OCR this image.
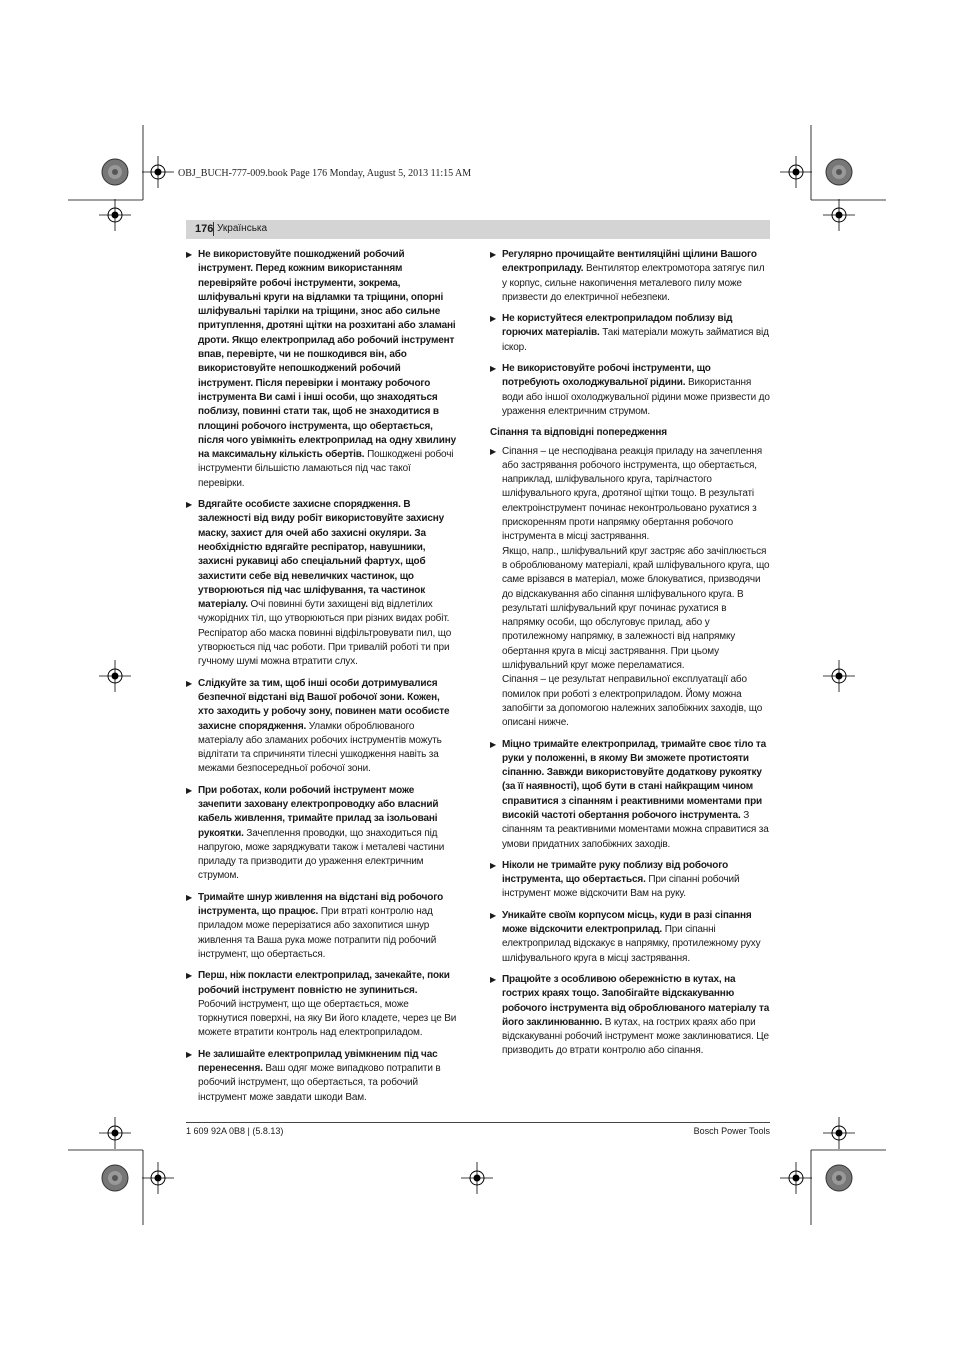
OBJ_BUCH-777-009.book Page 176 Monday, August 5, 2013 11:15 AM
176 Українська
▶ Не використовуйте пошкоджений робочий інструмент. Перед кожним використанням перевіряйте робочі інструменти, зокрема, шліфувальні круги на відламки та тріщини, опорні шліфувальні тарілки на тріщини, знос або сильне притуплення, дротяні щітки на розхитані або зламані дроти. Якщо електроприлад або робочий інструмент впав, перевірте, чи не пошкодився він, або використовуйте непошкоджений робочий інструмент. Після перевірки і монтажу робочого інструмента Ви самі і інші особи, що знаходяться поблизу, повинні стати так, щоб не знаходитися в площині робочого інструмента, що обертається, після чого увімкніть електроприлад на одну хвилину на максимальну кількість обертів. Пошкоджені робочі інструменти більшістю ламаються під час такої перевірки.
▶ Вдягайте особисте захисне спорядження. В залежності від виду робіт використовуйте захисну маску, захист для очей або захисні окуляри. За необхідністю вдягайте респіратор, навушники, захисні рукавиці або спеціальний фартух, щоб захистити себе від невеличких частинок, що утворюються під час шліфування, та частинок матеріалу. Очі повинні бути захищені від відлетілих чужорідних тіл, що утворюються при різних видах робіт. Респіратор або маска повинні відфільтровувати пил, що утворюється під час роботи. При тривалій роботі ти при гучному шумі можна втратити слух.
▶ Слідкуйте за тим, щоб інші особи дотримувалися безпечної відстані від Вашої робочої зони. Кожен, хто заходить у робочу зону, повинен мати особисте захисне спорядження. Уламки оброблюваного матеріалу або зламаних робочих інструментів можуть відлітати та спричиняти тілесні ушкодження навіть за межами безпосередньої робочої зони.
▶ При роботах, коли робочий інструмент може зачепити заховану електропроводку або власний кабель живлення, тримайте прилад за ізольовані рукоятки. Зачеплення проводки, що знаходиться під напругою, може заряджувати також і металеві частини приладу та призводити до ураження електричним струмом.
▶ Тримайте шнур живлення на відстані від робочого інструмента, що працює. При втраті контролю над приладом може перерізатися або захопитися шнур живлення та Ваша рука може потрапити під робочий інструмент, що обертається.
▶ Перш, ніж покласти електроприлад, зачекайте, поки робочий інструмент повністю не зупиниться. Робочий інструмент, що ще обертається, може торкнутися поверхні, на яку Ви його кладете, через це Ви можете втратити контроль над електроприладом.
▶ Не залишайте електроприлад увімкненим під час перенесення. Ваш одяг може випадково потрапити в робочий інструмент, що обертається, та робочий інструмент може завдати шкоди Вам.
▶ Регулярно прочищайте вентиляційні щілини Вашого електроприладу. Вентилятор електромотора затягує пил у корпус, сильне накопичення металевого пилу може призвести до електричної небезпеки.
▶ Не користуйтеся електроприладом поблизу від горючих матеріалів. Такі матеріали можуть займатися від іскор.
▶ Не використовуйте робочі інструменти, що потребують охолоджувальної рідини. Використання води або іншої охолоджувальної рідини може призвести до ураження електричним струмом.
Сіпання та відповідні попередження
▶ Сіпання – це несподівана реакція приладу на зачеплення або застрявання робочого інструмента, що обертається, наприклад, шліфувального круга, тарілчастого шліфувального круга, дротяної щітки тощо. В результаті електроінструмент починає неконтрольовано рухатися з прискоренням проти напрямку обертання робочого інструмента в місці застрявання.

Якщо, напр., шліфувальний круг застряє або зачіплюється в оброблюваному матеріалі, край шліфувального круга, що саме врізався в матеріал, може блокуватися, призводячи до відскакування або сіпання шліфувального круга. В результаті шліфувальний круг починає рухатися в напрямку особи, що обслуговує прилад, або у протилежному напрямку, в залежності від напрямку обертання круга в місці застрявання. При цьому шліфувальний круг може переламатися.

Сіпання – це результат неправильної експлуатації або помилок при роботі з електроприладом. Йому можна запобігти за допомогою належних запобіжних заходів, що описані нижче.

▶ Міцно тримайте електроприлад, тримайте своє тіло та руки у положенні, в якому Ви зможете протистояти сіпанню. Завжди використовуйте додаткову рукоятку (за її наявності), щоб бути в стані найкращим чином справитися з сіпанням і реактивними моментами при високій частоті обертання робочого інструмента. З сіпанням та реактивними моментами можна справитися за умови придатних запобіжних заходів.
▶ Ніколи не тримайте руку поблизу від робочого інструмента, що обертається. При сіпанні робочий інструмент може відскочити Вам на руку.
▶ Уникайте своїм корпусом місць, куди в разі сіпання може відскочити електроприлад. При сіпанні електроприлад відскакує в напрямку, протилежному руху шліфувального круга в місці застрявання.
▶ Працюйте з особливою обережністю в кутах, на гострих краях тощо. Запобігайте відскакуванню робочого інструмента від оброблюваного матеріалу та його заклинюванню. В кутах, на гострих краях або при відскакуванні робочий інструмент може заклинюватися. Це призводить до втрати контролю або сіпання.
1 609 92A 0B8 | (5.8.13)	Bosch Power Tools
